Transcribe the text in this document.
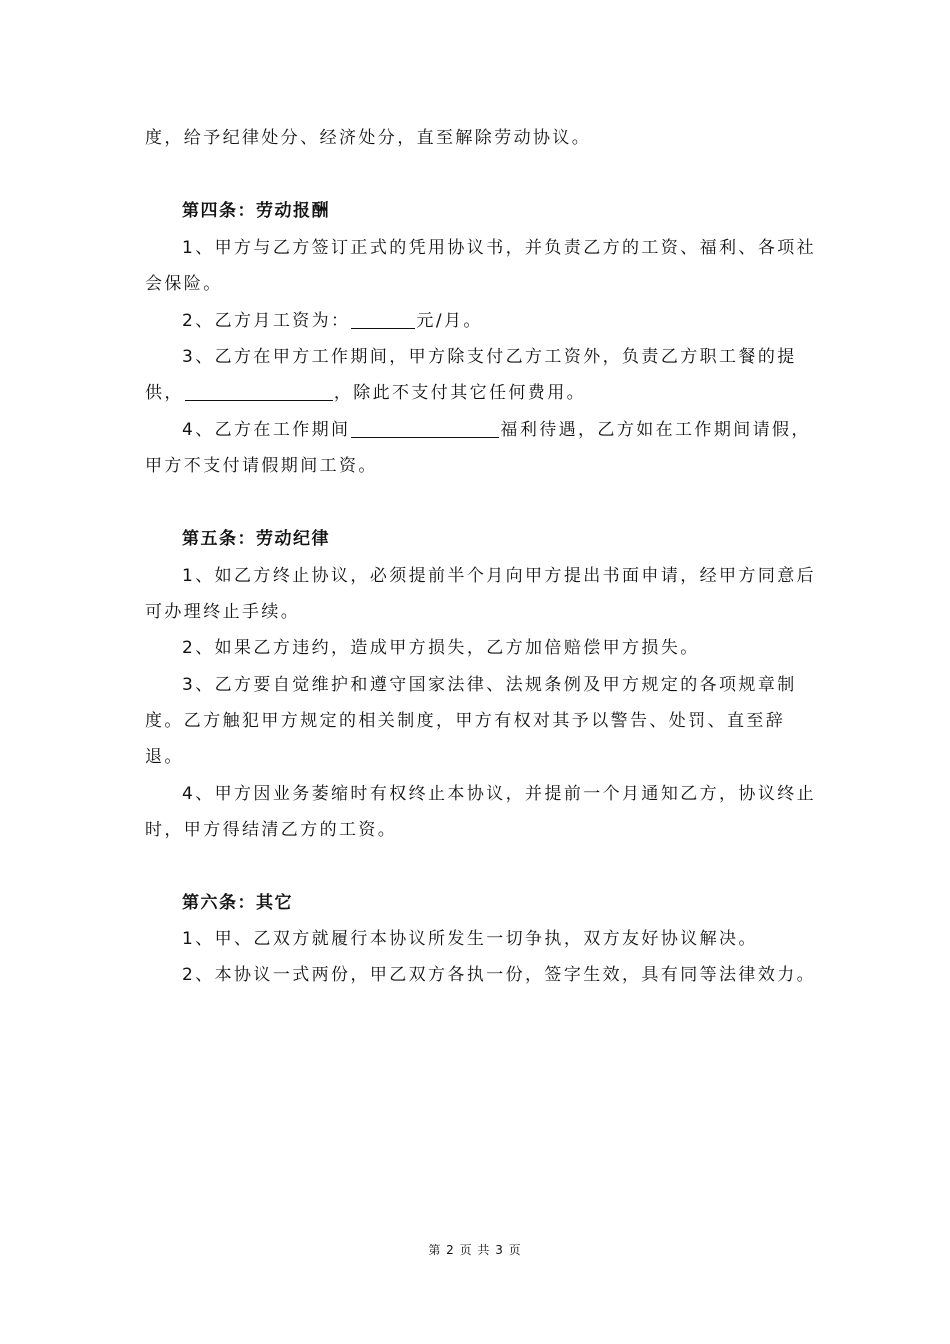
度，给予纪律处分、经济处分，直至解除劳动协议。
第四条：劳动报酬
1、甲方与乙方签订正式的凭用协议书，并负责乙方的工资、福利、各项社
会保险。
2、乙方月工资为：	元/月。
3、乙方在甲方工作期间，甲方除支付乙方工资外，负责乙方职工餐的提
供，	，除此不支付其它任何费用。
4、乙方在工作期间	福利待遇，乙方如在工作期间请假，
甲方不支付请假期间工资。
第五条：劳动纪律
1、如乙方终止协议，必须提前半个月向甲方提出书面申请，经甲方同意后
可办理终止手续。
2、如果乙方违约，造成甲方损失，乙方加倍赔偿甲方损失。
3、乙方要自觉维护和遵守国家法律、法规条例及甲方规定的各项规章制
度。乙方触犯甲方规定的相关制度，甲方有权对其予以警告、处罚、直至辞
退。
4、甲方因业务萎缩时有权终止本协议，并提前一个月通知乙方，协议终止
时，甲方得结清乙方的工资。
第六条：其它
1、甲、乙双方就履行本协议所发生一切争执，双方友好协议解决。
2、本协议一式两份，甲乙双方各执一份，签字生效，具有同等法律效力。
第 2 页 共 3 页
